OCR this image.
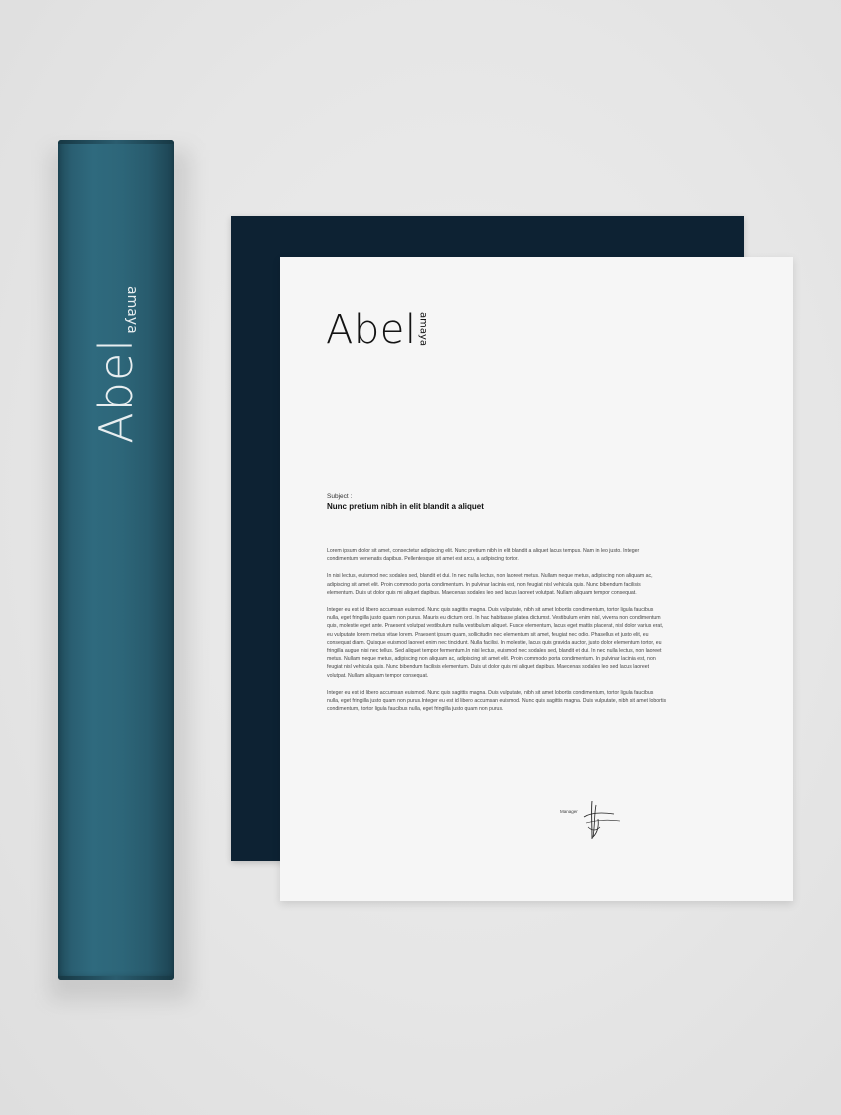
Abel
amaya	Abel amaya
Subject :
Nunc pretium nibh in elit blandit a aliquet

Lorem ipsum dolor sit amet, consectetur adipiscing elit. Nunc pretium nibh in elit blandit a aliquet lacus tempus. Nam in leo justo. Integer condimentum venenatis dapibus. Pellentesque sit amet est arcu, a adipiscing tortor.

In nisi lectus, euismod nec sodales sed, blandit et dui. In nec nulla lectus, non laoreet metus. Nullam neque metus, adipiscing non aliquam ac, adipiscing sit amet elit. Proin commodo porta condimentum. In pulvinar lacinia est, non feugiat nisl vehicula quis. Nunc bibendum facilisis elementum. Duis ut dolor quis mi aliquet dapibus. Maecenas sodales leo sed lacus laoreet volutpat. Nullam aliquam tempor consequat.

Integer eu est id libero accumsan euismod. Nunc quis sagittis magna. Duis vulputate, nibh sit amet lobortis condimentum, tortor ligula faucibus nulla, eget fringilla justo quam non purus. Mauris eu dictum orci. In hac habitasse platea dictumst. Vestibulum enim nisl, viverra non condimentum quis, molestie eget ante. Praesent volutpat vestibulum nulla vestibulum aliquet. Fusce elementum, lacus eget mattis placerat, nisl dolor varius erat, eu vulputate lorem metus vitae lorem. Praesent ipsum quam, sollicitudin nec elementum sit amet, feugiat nec odio. Phasellus et justo elit, eu consequat diam. Quisque euismod laoreet enim nec tincidunt. Nulla facilisi. In molestie, lacus quis gravida auctor, justo dolor elementum tortor, eu fringilla augue nisi nec tellus. Sed aliquet tempor fermentum.In nisi lectus, euismod nec sodales sed, blandit et dui. In nec nulla lectus, non laoreet metus. Nullam neque metus, adipiscing non aliquam ac, adipiscing sit amet elit. Proin commodo porta condimentum. In pulvinar lacinia est, non feugiat nisl vehicula quis. Nunc bibendum facilisis elementum. Duis ut dolor quis mi aliquet dapibus. Maecenas sodales leo sed lacus laoreet volutpat. Nullam aliquam tempor consequat.

Integer eu est id libero accumsan euismod. Nunc quis sagittis magna. Duis vulputate, nibh sit amet lobortis condimentum, tortor ligula faucibus nulla, eget fringilla justo quam non purus.Integer eu est id libero accumsan euismod. Nunc quis sagittis magna. Duis vulputate, nibh sit amet lobortis condimentum, tortor ligula faucibus nulla, eget fringilla justo quam non purus.

Manager
